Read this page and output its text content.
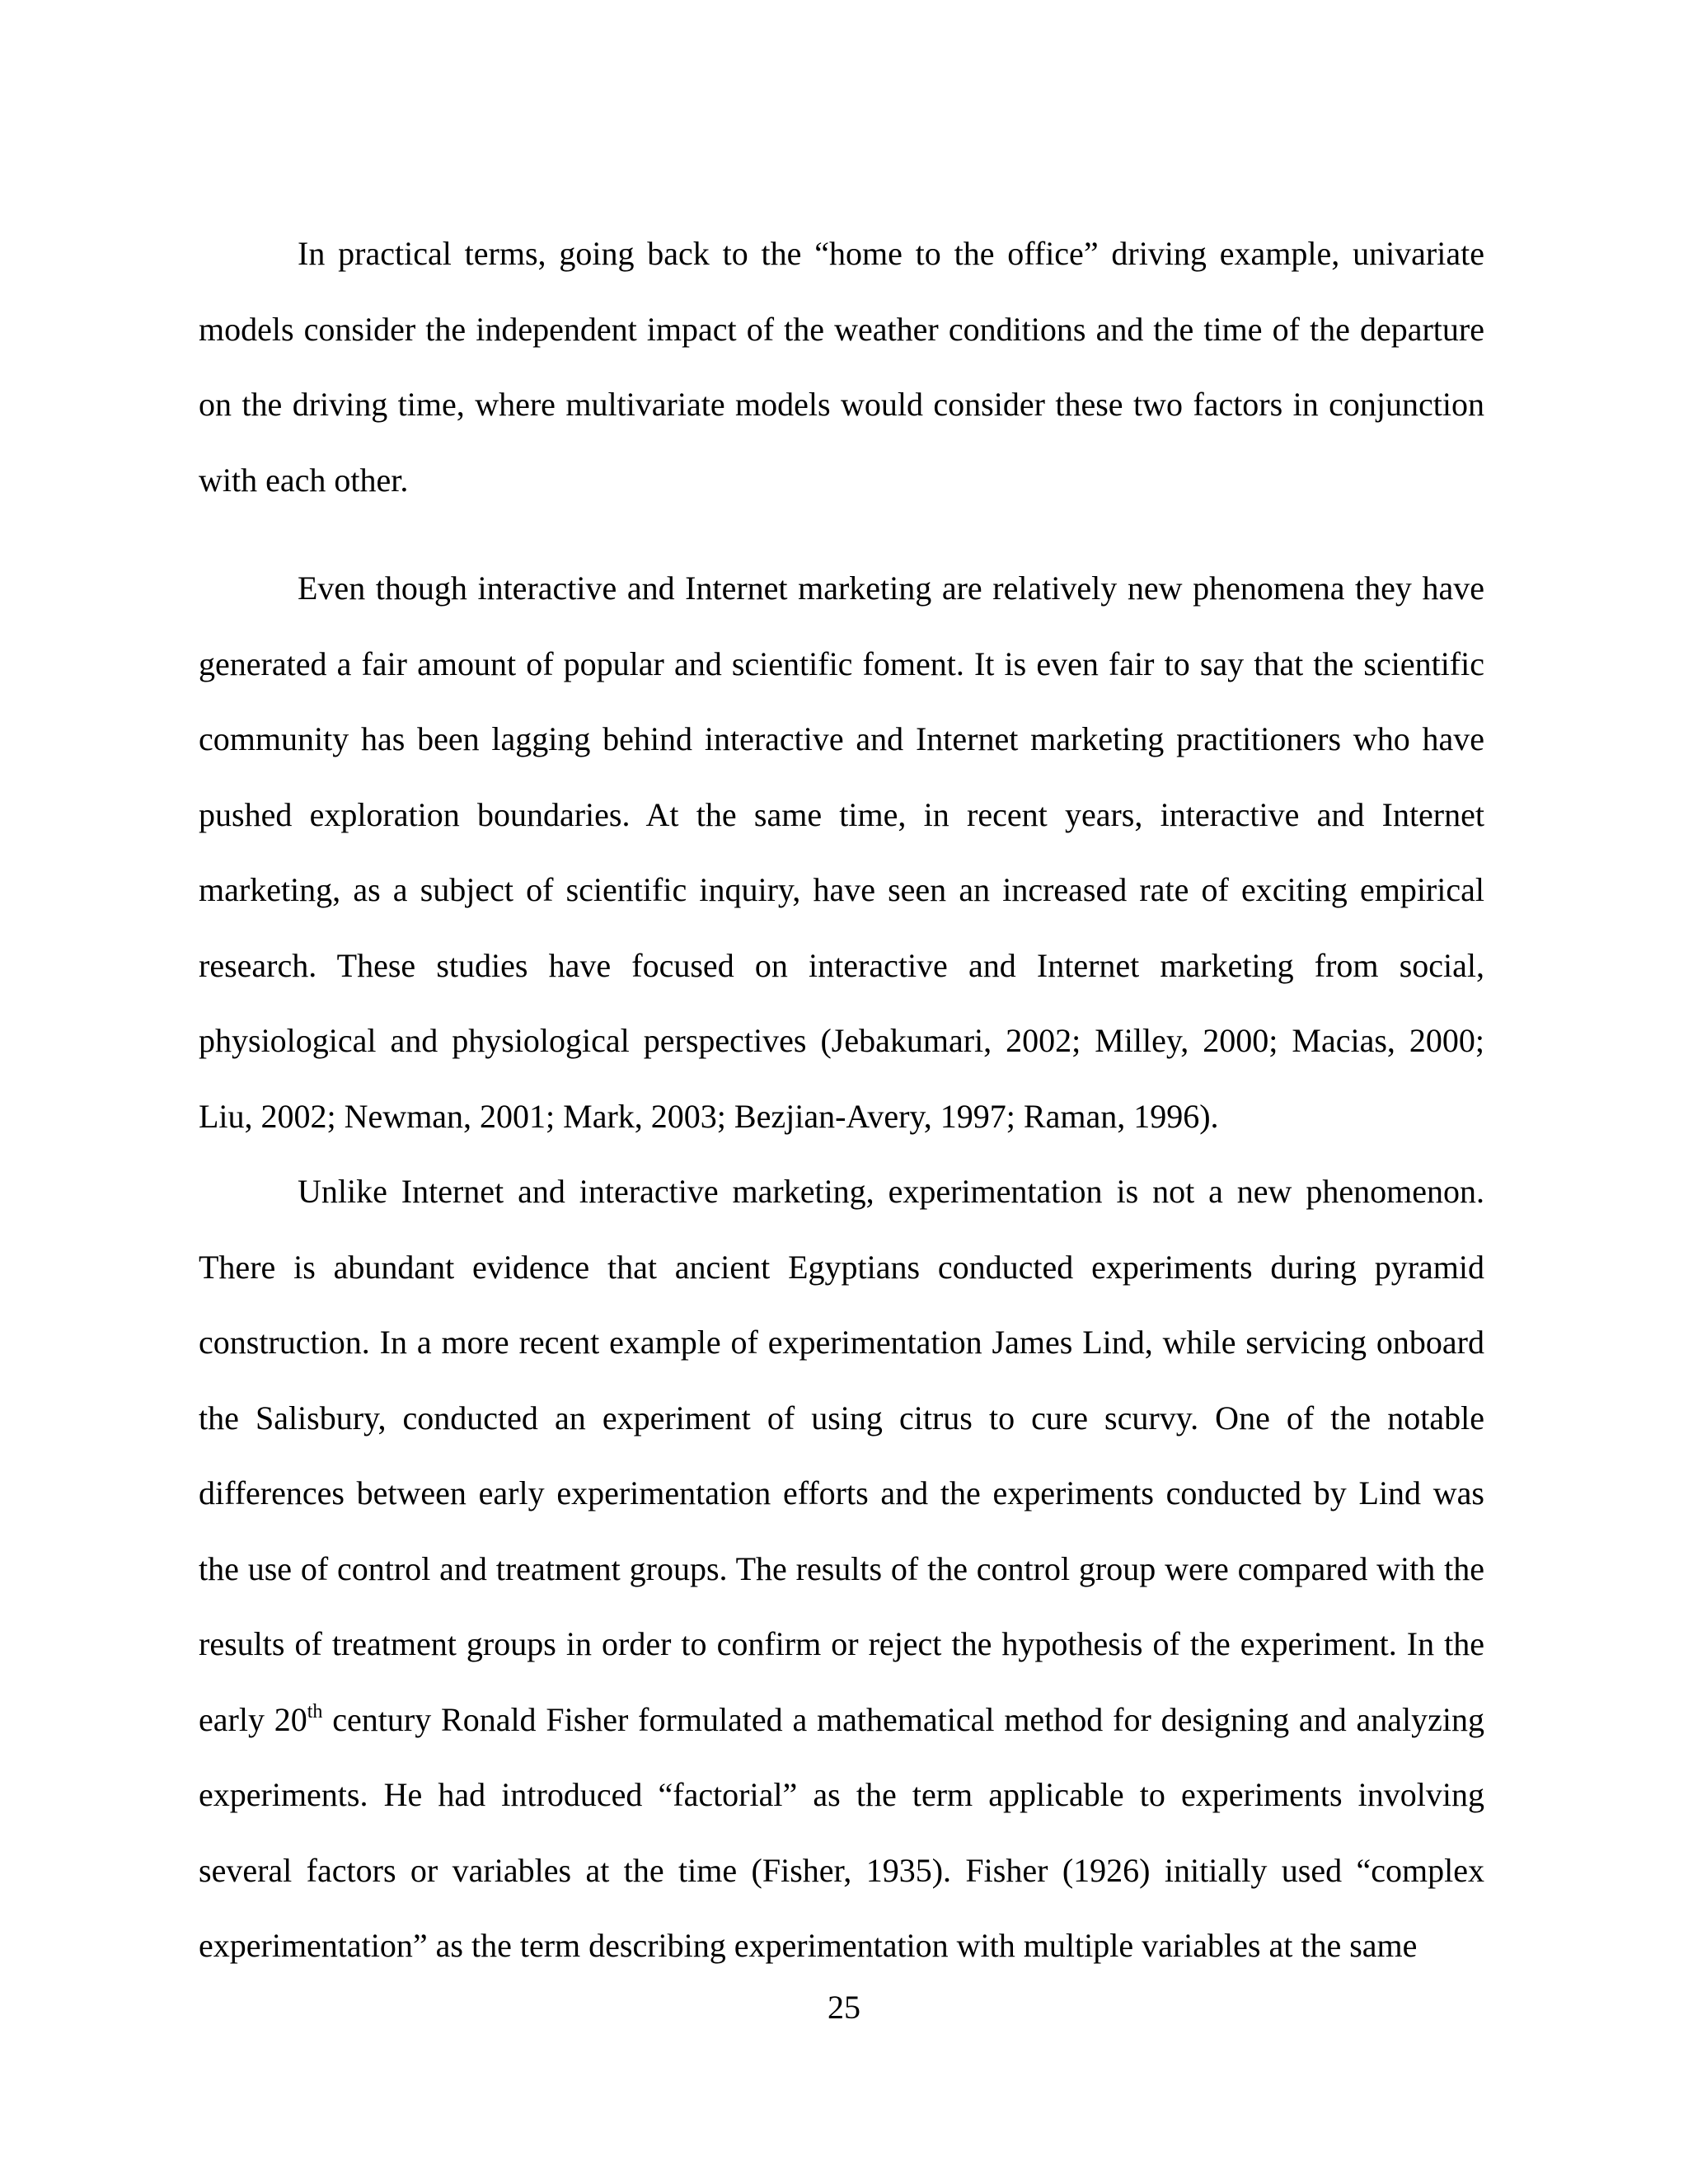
In practical terms, going back to the “home to the office” driving example, univariate models consider the independent impact of the weather conditions and the time of the departure on the driving time, where multivariate models would consider these two factors in conjunction with each other.

Even though interactive and Internet marketing are relatively new phenomena they have generated a fair amount of popular and scientific foment. It is even fair to say that the scientific community has been lagging behind interactive and Internet marketing practitioners who have pushed exploration boundaries. At the same time, in recent years, interactive and Internet marketing, as a subject of scientific inquiry, have seen an increased rate of exciting empirical research. These studies have focused on interactive and Internet marketing from social, physiological and physiological perspectives (Jebakumari, 2002; Milley, 2000; Macias, 2000; Liu, 2002; Newman, 2001; Mark, 2003; Bezjian-Avery, 1997; Raman, 1996).

Unlike Internet and interactive marketing, experimentation is not a new phenomenon. There is abundant evidence that ancient Egyptians conducted experiments during pyramid construction. In a more recent example of experimentation James Lind, while servicing onboard the Salisbury, conducted an experiment of using citrus to cure scurvy. One of the notable differences between early experimentation efforts and the experiments conducted by Lind was the use of control and treatment groups. The results of the control group were compared with the results of treatment groups in order to confirm or reject the hypothesis of the experiment. In the early 20th century Ronald Fisher formulated a mathematical method for designing and analyzing experiments. He had introduced “factorial” as the term applicable to experiments involving several factors or variables at the time (Fisher, 1935). Fisher (1926) initially used “complex experimentation” as the term describing experimentation with multiple variables at the same

25
